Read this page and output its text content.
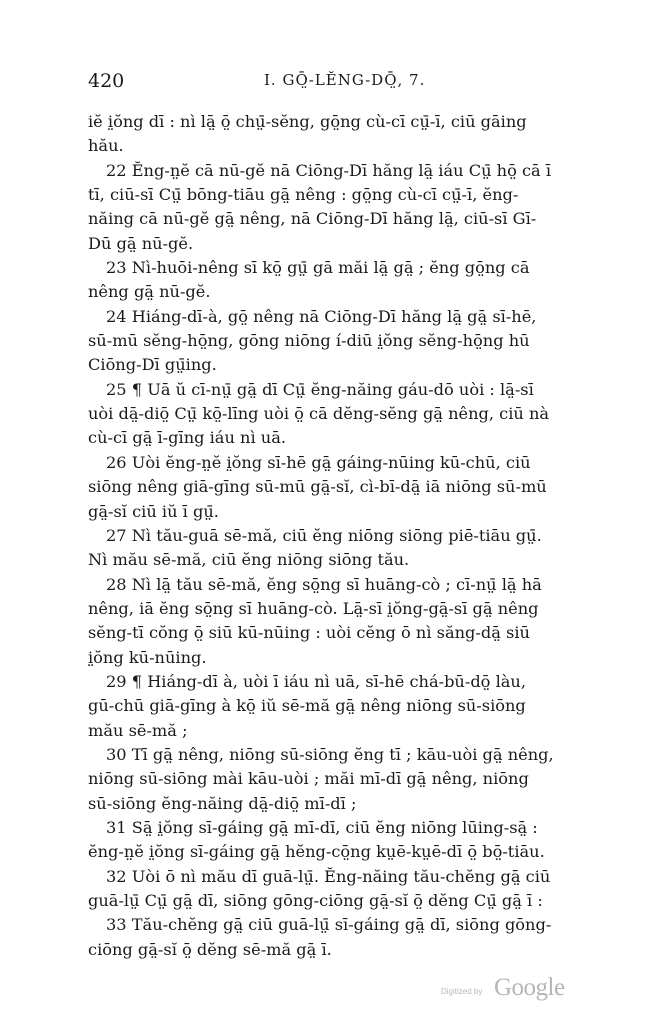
420	I. GŌ̤-LĔNG-DŌ̤, 7.
iĕ i̤ŏng dī : nì lā̤ ō̤ chṳ̄-sĕng, gō̤ng cù-cī cṳ̄-ī, ciū gāing
hău.
22 Ĕng-n̤ĕ cā nū-gĕ nā Ciōng-Dī hăng lā̤ iáu Cṳ̄ hō̤ cā ī
tī, ciū-sī Cṳ̄ bōng-tiāu gā̤ nêng : gō̤ng cù-cī cṳ̄-ī, ĕng-
năing cā nū-gĕ gā̤ nêng, nā Ciōng-Dī hăng lā̤, ciū-sī Gī-
Dū gā̤ nū-gĕ.
23 Nì-huōi-nêng sī kō̤ gṳ̄ gā măi lā̤ gā̤ ; ĕng gō̤ng cā
nêng gā̤ nū-gĕ.
24 Hiáng-dī-à, gō̤ nêng nā Ciōng-Dī hăng lā̤ gā̤ sī-hē,
sū-mū sĕng-hō̤ng, gōng niōng í-diū i̤ŏng sĕng-hō̤ng hū
Ciōng-Dī gṳ̄ing.
25 ¶ Uā ŭ cī-nṳ̄ gā̤ dī Cṳ̄ ĕng-năing gáu-dō uòi : lā̤-sī
uòi dā̤-diō̤ Cṳ̄ kō̤-līng uòi ō̤ cā dĕng-sĕng gā̤ nêng, ciū nà
cù-cī gā̤ ī-gīng iáu nì uā.
26 Uòi ĕng-n̤ĕ i̤ŏng sī-hē gā̤ gáing-nūing kū-chū, ciū
siōng nêng giā-gīng sū-mū gā̤-sĭ, cì-bī-dā̤ iā niōng sū-mū
gā̤-sĭ ciū iŭ ī gṳ̄.
27 Nì tău-guā sē-mă, ciū ĕng niōng siōng piē-tiāu gṳ̄.
Nì mău sē-mă, ciū ĕng niōng siōng tău.
28 Nì lā̤ tău sē-mă, ĕng sō̤ng sī huāng-cò ; cī-nṳ̄ lā̤ hā
nêng, iā ĕng sō̤ng sī huāng-cò. Lā̤-sī i̤ŏng-gā̤-sī gā̤ nêng
sĕng-tī cŏng ō̤ siū kū-nūing : uòi cĕng ō nì săng-dā̤ siū
i̤ŏng kū-nūing.
29 ¶ Hiáng-dī à, uòi ī iáu nì uā, sī-hē chá-bū-dō̤ làu,
gū-chū giā-gīng à kō̤ iŭ sē-mă gā̤ nêng niōng sū-siōng
mău sē-mă ;
30 Tī gā̤ nêng, niōng sū-siōng ĕng tī ; kāu-uòi gā̤ nêng,
niōng sū-siōng mài kāu-uòi ; măi mī-dī gā̤ nêng, niōng
sū-siōng ĕng-năing dā̤-diō̤ mī-dī ;
31 Sā̤ i̤ŏng sī-gáing gā̤ mī-dī, ciū ĕng niōng lūing-sā̤ :
ĕng-n̤ĕ i̤ŏng sī-gáing gā̤ hĕng-cō̤ng kṳē-kṳē-dī ō̤ bō̤-tiāu.
32 Uòi ō nì mău dī guā-lṳ̄. Ĕng-năing tău-chĕng gā̤ ciū
guā-lṳ̄ Cṳ̄ gā̤ dī, siōng gōng-ciōng gā̤-sĭ ō̤ dĕng Cṳ̄ gā̤ ī :
33 Tău-chĕng gā̤ ciū guā-lṳ̄ sī-gáing gā̤ dī, siōng gōng-
ciōng gā̤-sĭ ō̤ dĕng sē-mă gā̤ ī.
Digitized by Google
